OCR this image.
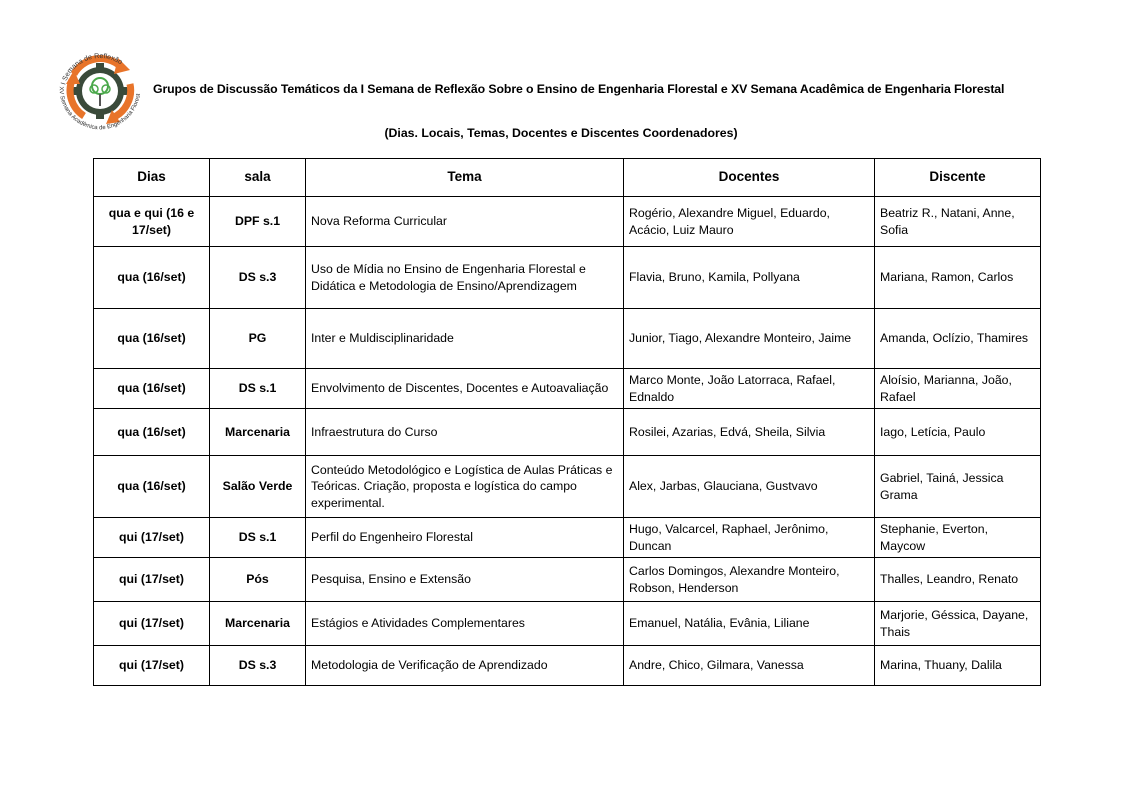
I Semana de Reflexão
XV Semana Acadêmica de Engenharia Florest Grupos de Discussão Temáticos da I Semana de Reflexão Sobre o Ensino de Engenharia Florestal e XV Semana Acadêmica de Engenharia Florestal
(Dias. Locais, Temas, Docentes e Discentes Coordenadores)
Dias	sala	Tema	Docentes	Discente
qua e qui (16 e 17/set)	DPF s.1	Nova Reforma Curricular	Rogério, Alexandre Miguel, Eduardo, Acácio, Luiz Mauro	Beatriz R., Natani, Anne, Sofia
qua (16/set)	DS s.3	Uso de Mídia no Ensino de Engenharia Florestal e Didática e Metodologia de Ensino/Aprendizagem	Flavia, Bruno, Kamila, Pollyana	Mariana, Ramon, Carlos
qua (16/set)	PG	Inter e Muldisciplinaridade	Junior, Tiago, Alexandre Monteiro, Jaime	Amanda, Oclízio, Thamires
qua (16/set)	DS s.1	Envolvimento de Discentes, Docentes e Autoavaliação	Marco Monte, João Latorraca, Rafael, Ednaldo	Aloísio, Marianna, João, Rafael
qua (16/set)	Marcenaria	Infraestrutura do Curso	Rosilei, Azarias, Edvá, Sheila, Silvia	Iago, Letícia, Paulo
qua (16/set)	Salão Verde	Conteúdo Metodológico e Logística de Aulas Práticas e Teóricas. Criação, proposta e logística do campo experimental.	Alex, Jarbas, Glauciana, Gustvavo	Gabriel, Tainá, Jessica Grama
qui (17/set)	DS s.1	Perfil do Engenheiro Florestal	Hugo, Valcarcel, Raphael, Jerônimo, Duncan	Stephanie, Everton, Maycow
qui (17/set)	Pós	Pesquisa, Ensino e Extensão	Carlos Domingos, Alexandre Monteiro, Robson, Henderson	Thalles, Leandro, Renato
qui (17/set)	Marcenaria	Estágios e Atividades Complementares	Emanuel, Natália, Evânia, Liliane	Marjorie, Géssica, Dayane, Thais
qui (17/set)	DS s.3	Metodologia de Verificação de Aprendizado	Andre, Chico, Gilmara, Vanessa	Marina, Thuany, Dalila
